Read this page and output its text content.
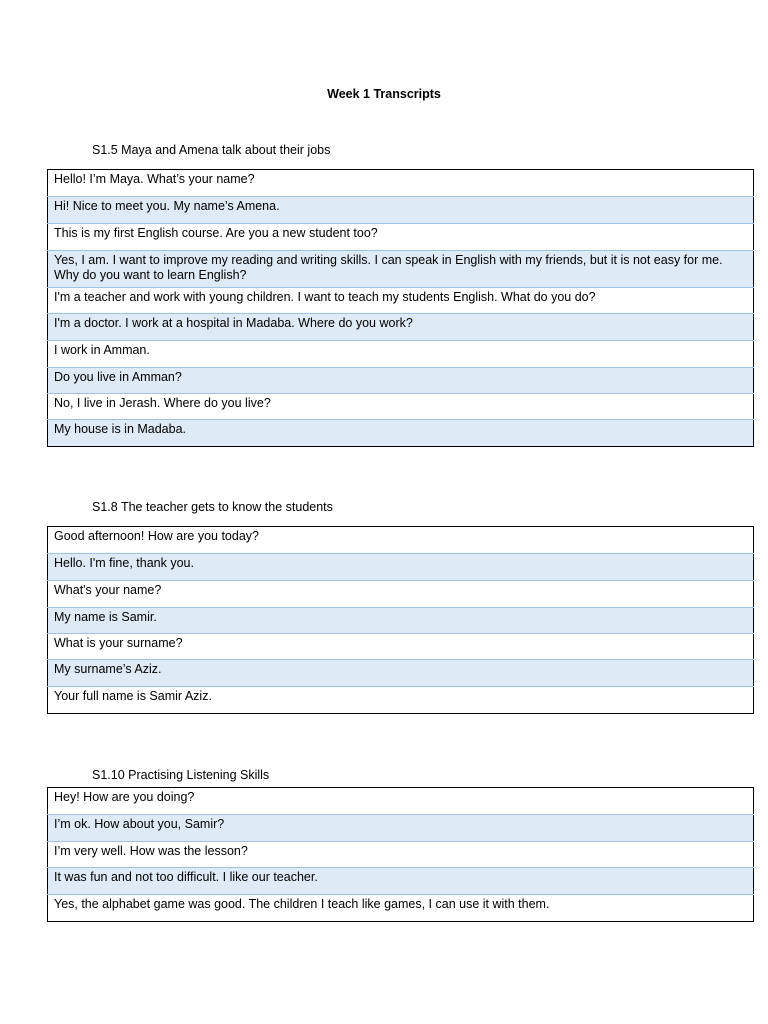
Week 1 Transcripts
S1.5 Maya and Amena talk about their jobs
Hello! I’m Maya. What’s your name?
Hi! Nice to meet you. My name’s Amena.
This is my first English course. Are you a new student too?
Yes, I am. I want to improve my reading and writing skills. I can speak in English with my friends, but it is not easy for me. Why do you want to learn English?
I'm a teacher and work with young children. I want to teach my students English. What do you do?
I'm a doctor. I work at a hospital in Madaba. Where do you work?
I work in Amman.
Do you live in Amman?
No, I live in Jerash. Where do you live?
My house is in Madaba.
S1.8 The teacher gets to know the students
Good afternoon! How are you today?
Hello. I'm fine, thank you.
What's your name?
My name is Samir.
What is your surname?
My surname’s Aziz.
Your full name is Samir Aziz.
S1.10 Practising Listening Skills
Hey! How are you doing?
I’m ok. How about you, Samir?
I’m very well. How was the lesson?
It was fun and not too difficult. I like our teacher.
Yes, the alphabet game was good. The children I teach like games, I can use it with them.
